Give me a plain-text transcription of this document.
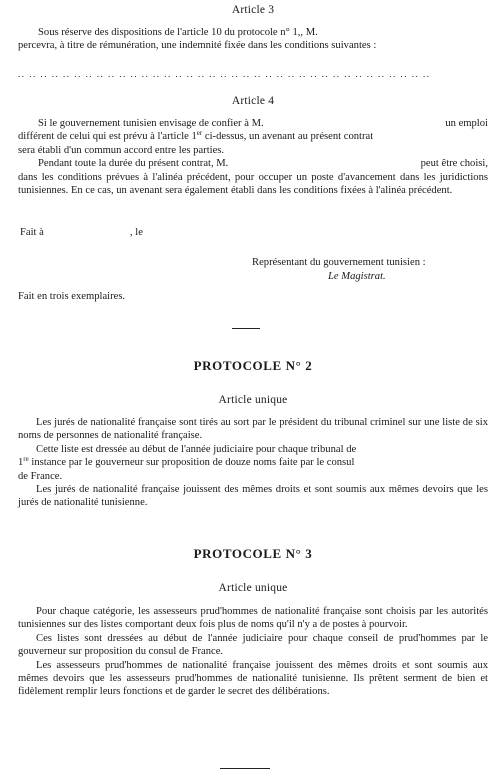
Article 3
Sous réserve des dispositions de l'article 10 du protocole n° 1,, M.
percevra, à titre de rémunération, une indemnité fixée dans les conditions suivantes :
.. .. .. .. .. .. .. .. .. .. .. .. .. .. .. .. .. .. .. .. .. .. .. .. .. .. .. .. .. .. .. .. .. .. .. .. ..
Article 4
Si le gouvernement tunisien envisage de confier à M.	un emploi
différent de celui qui est prévu à l'article 1er ci-dessus, un avenant au présent contrat
sera établi d'un commun accord entre les parties.
Pendant toute la durée du présent contrat, M.	peut être choisi,

dans les conditions prévues à l'alinéa précédent, pour occuper un poste d'avancement dans les juridictions tunisiennes. En ce cas, un avenant sera également établi dans les conditions fixées à l'alinéa précédent.

Fait à	, le
Représentant du gouvernement tunisien :
Le Magistrat.
Fait en trois exemplaires.
PROTOCOLE N° 2
Article unique

Les jurés de nationalité française sont tirés au sort par le président du tribunal criminel sur une liste de six noms de personnes de nationalité française.

Cette liste est dressée au début de l'année judiciaire pour chaque tribunal de
1re instance par le gouverneur sur proposition de douze noms faite par le consul
de France.

Les jurés de nationalité française jouissent des mêmes droits et sont soumis aux mêmes devoirs que les jurés de nationalité tunisienne.

PROTOCOLE N° 3
Article unique

Pour chaque catégorie, les assesseurs prud'hommes de nationalité française sont choisis par les autorités tunisiennes sur des listes comportant deux fois plus de noms qu'il n'y a de postes à pourvoir.

Ces listes sont dressées au début de l'année judiciaire pour chaque conseil de prud'hommes par le gouverneur sur proposition du consul de France.

Les assesseurs prud'hommes de nationalité française jouissent des mêmes droits et sont soumis aux mêmes devoirs que les assesseurs prud'hommes de nationalité tunisienne. Ils prêtent serment de bien et fidèlement remplir leurs fonctions et de garder le secret des délibérations.
